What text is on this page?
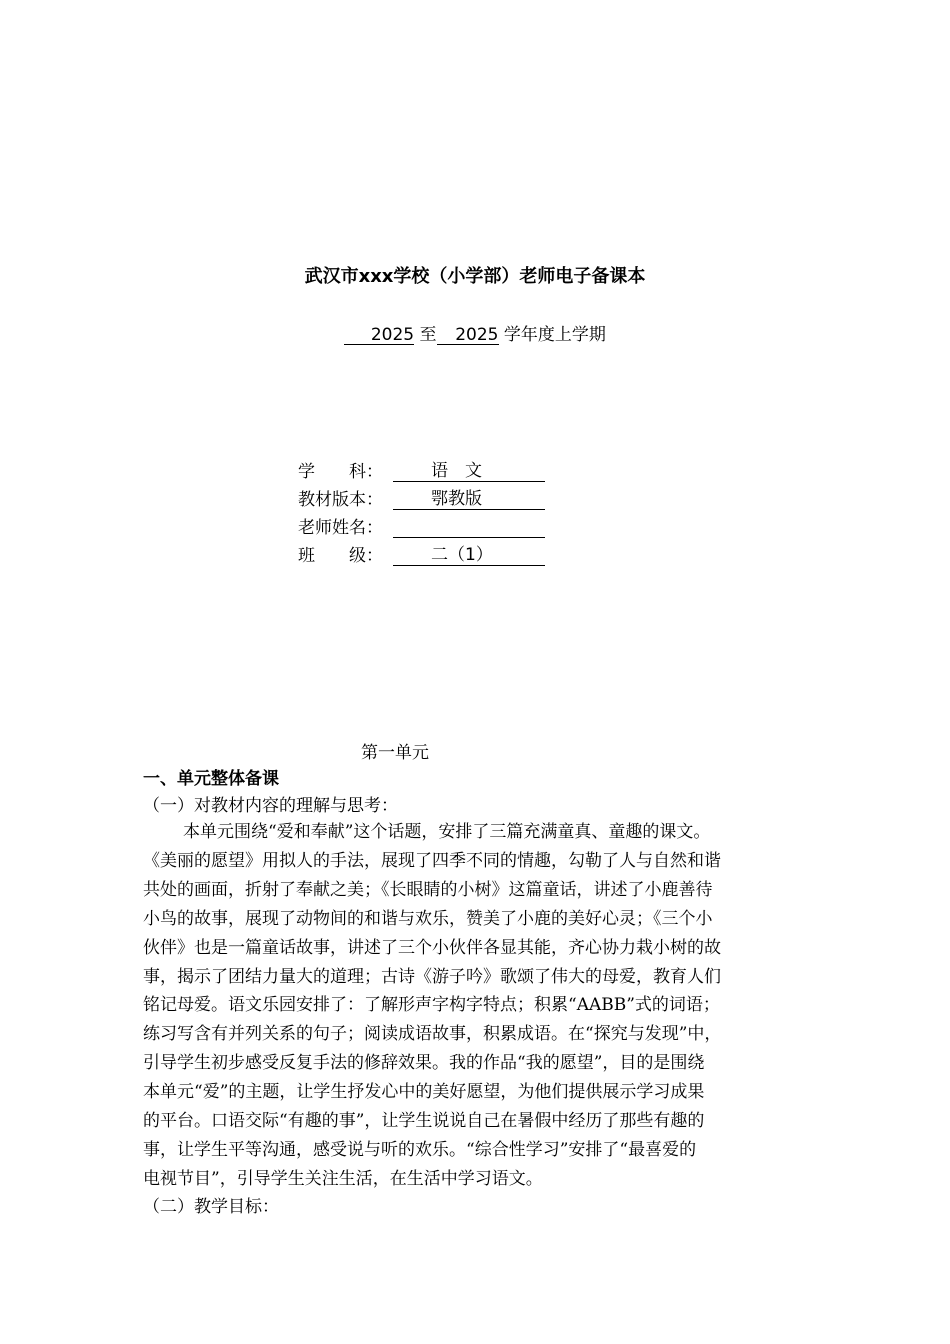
武汉市xxx学校（小学部）老师电子备课本
2025 至 2025 学年度上学期
学　　科：	语　文
教材版本：	鄂教版
老师姓名：
班　　级：	二（1）
第一单元
一、单元整体备课
（一）对教材内容的理解与思考：
本单元围绕“爱和奉献”这个话题，安排了三篇充满童真、童趣的课文。
《美丽的愿望》用拟人的手法，展现了四季不同的情趣，勾勒了人与自然和谐
共处的画面，折射了奉献之美；《长眼睛的小树》这篇童话，讲述了小鹿善待
小鸟的故事，展现了动物间的和谐与欢乐，赞美了小鹿的美好心灵；《三个小
伙伴》也是一篇童话故事，讲述了三个小伙伴各显其能，齐心协力栽小树的故
事，揭示了团结力量大的道理；古诗《游子吟》歌颂了伟大的母爱，教育人们
铭记母爱。语文乐园安排了：了解形声字构字特点；积累“AABB”式的词语；
练习写含有并列关系的句子；阅读成语故事，积累成语。在“探究与发现”中，
引导学生初步感受反复手法的修辞效果。我的作品“我的愿望”，目的是围绕
本单元“爱”的主题，让学生抒发心中的美好愿望，为他们提供展示学习成果
的平台。口语交际“有趣的事”，让学生说说自己在暑假中经历了那些有趣的
事，让学生平等沟通，感受说与听的欢乐。“综合性学习”安排了“最喜爱的
电视节目”，引导学生关注生活，在生活中学习语文。
（二）教学目标：
